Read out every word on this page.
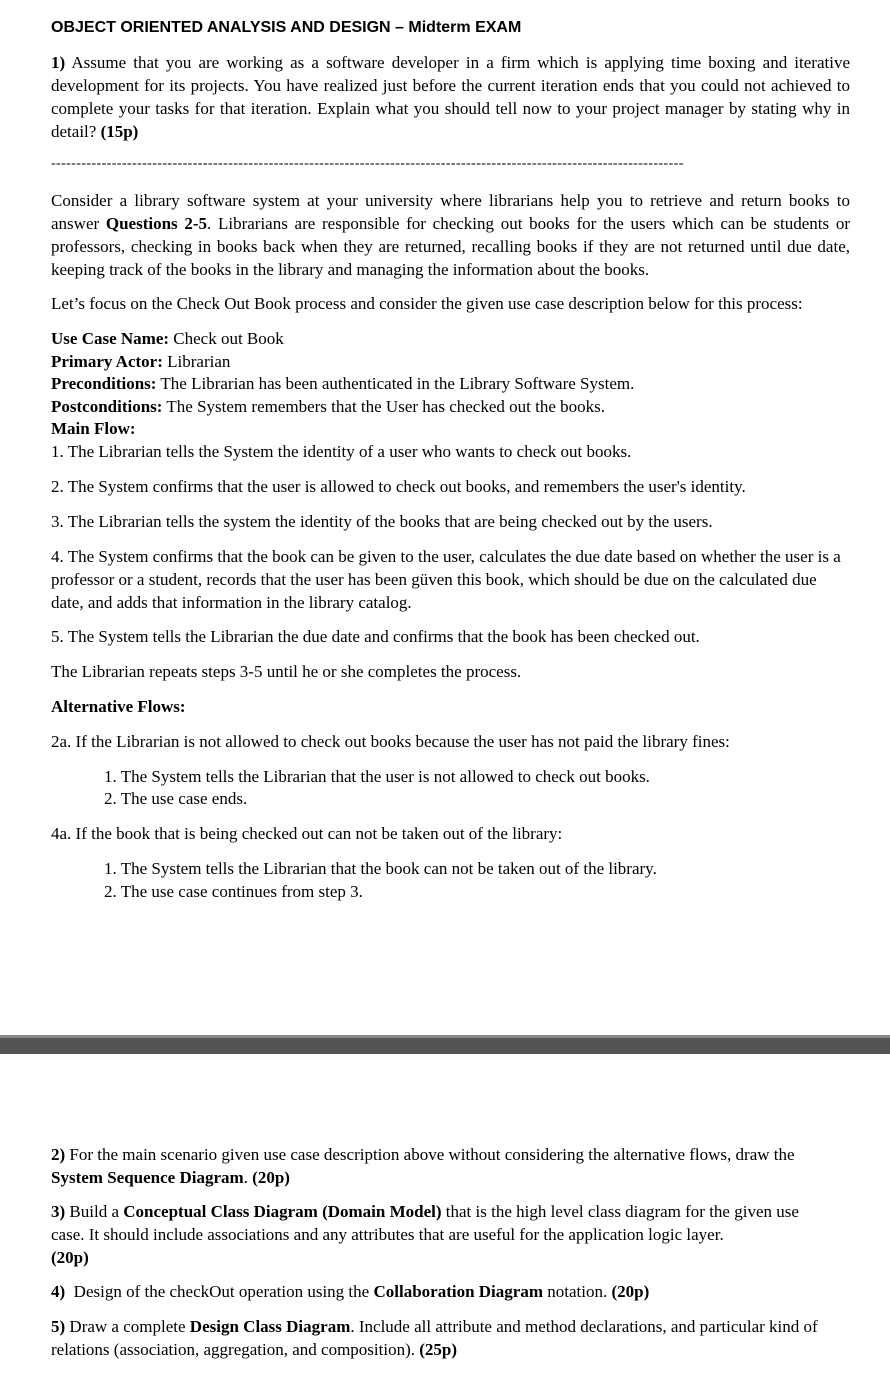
OBJECT ORIENTED ANALYSIS AND DESIGN – Midterm EXAM

1) Assume that you are working as a software developer in a firm which is applying time boxing and iterative development for its projects. You have realized just before the current iteration ends that you could not achieved to complete your tasks for that iteration. Explain what you should tell now to your project manager by stating why in detail? (15p)

-----------------------------------------------------------------------------------------------------------------------------

Consider a library software system at your university where librarians help you to retrieve and return books to answer Questions 2-5. Librarians are responsible for checking out books for the users which can be students or professors, checking in books back when they are returned, recalling books if they are not returned until due date, keeping track of the books in the library and managing the information about the books.

Let’s focus on the Check Out Book process and consider the given use case description below for this process:

Use Case Name: Check out Book

Primary Actor: Librarian

Preconditions: The Librarian has been authenticated in the Library Software System.

Postconditions: The System remembers that the User has checked out the books.

Main Flow:

1. The Librarian tells the System the identity of a user who wants to check out books.

2. The System confirms that the user is allowed to check out books, and remembers the user's identity.

3. The Librarian tells the system the identity of the books that are being checked out by the users.

4. The System confirms that the book can be given to the user, calculates the due date based on whether the user is a professor or a student, records that the user has been güven this book, which should be due on the calculated due date, and adds that information in the library catalog.

5. The System tells the Librarian the due date and confirms that the book has been checked out.

The Librarian repeats steps 3-5 until he or she completes the process.

Alternative Flows:

2a. If the Librarian is not allowed to check out books because the user has not paid the library fines:

1. The System tells the Librarian that the user is not allowed to check out books.

2. The use case ends.

4a. If the book that is being checked out can not be taken out of the library:

1. The System tells the Librarian that the book can not be taken out of the library.

2. The use case continues from step 3.

2) For the main scenario given use case description above without considering the alternative flows, draw the System Sequence Diagram. (20p)

3) Build a Conceptual Class Diagram (Domain Model) that is the high level class diagram for the given use case. It should include associations and any attributes that are useful for the application logic layer.
(20p)

4)  Design of the checkOut operation using the Collaboration Diagram notation. (20p)

5) Draw a complete Design Class Diagram. Include all attribute and method declarations, and particular kind of relations (association, aggregation, and composition). (25p)
